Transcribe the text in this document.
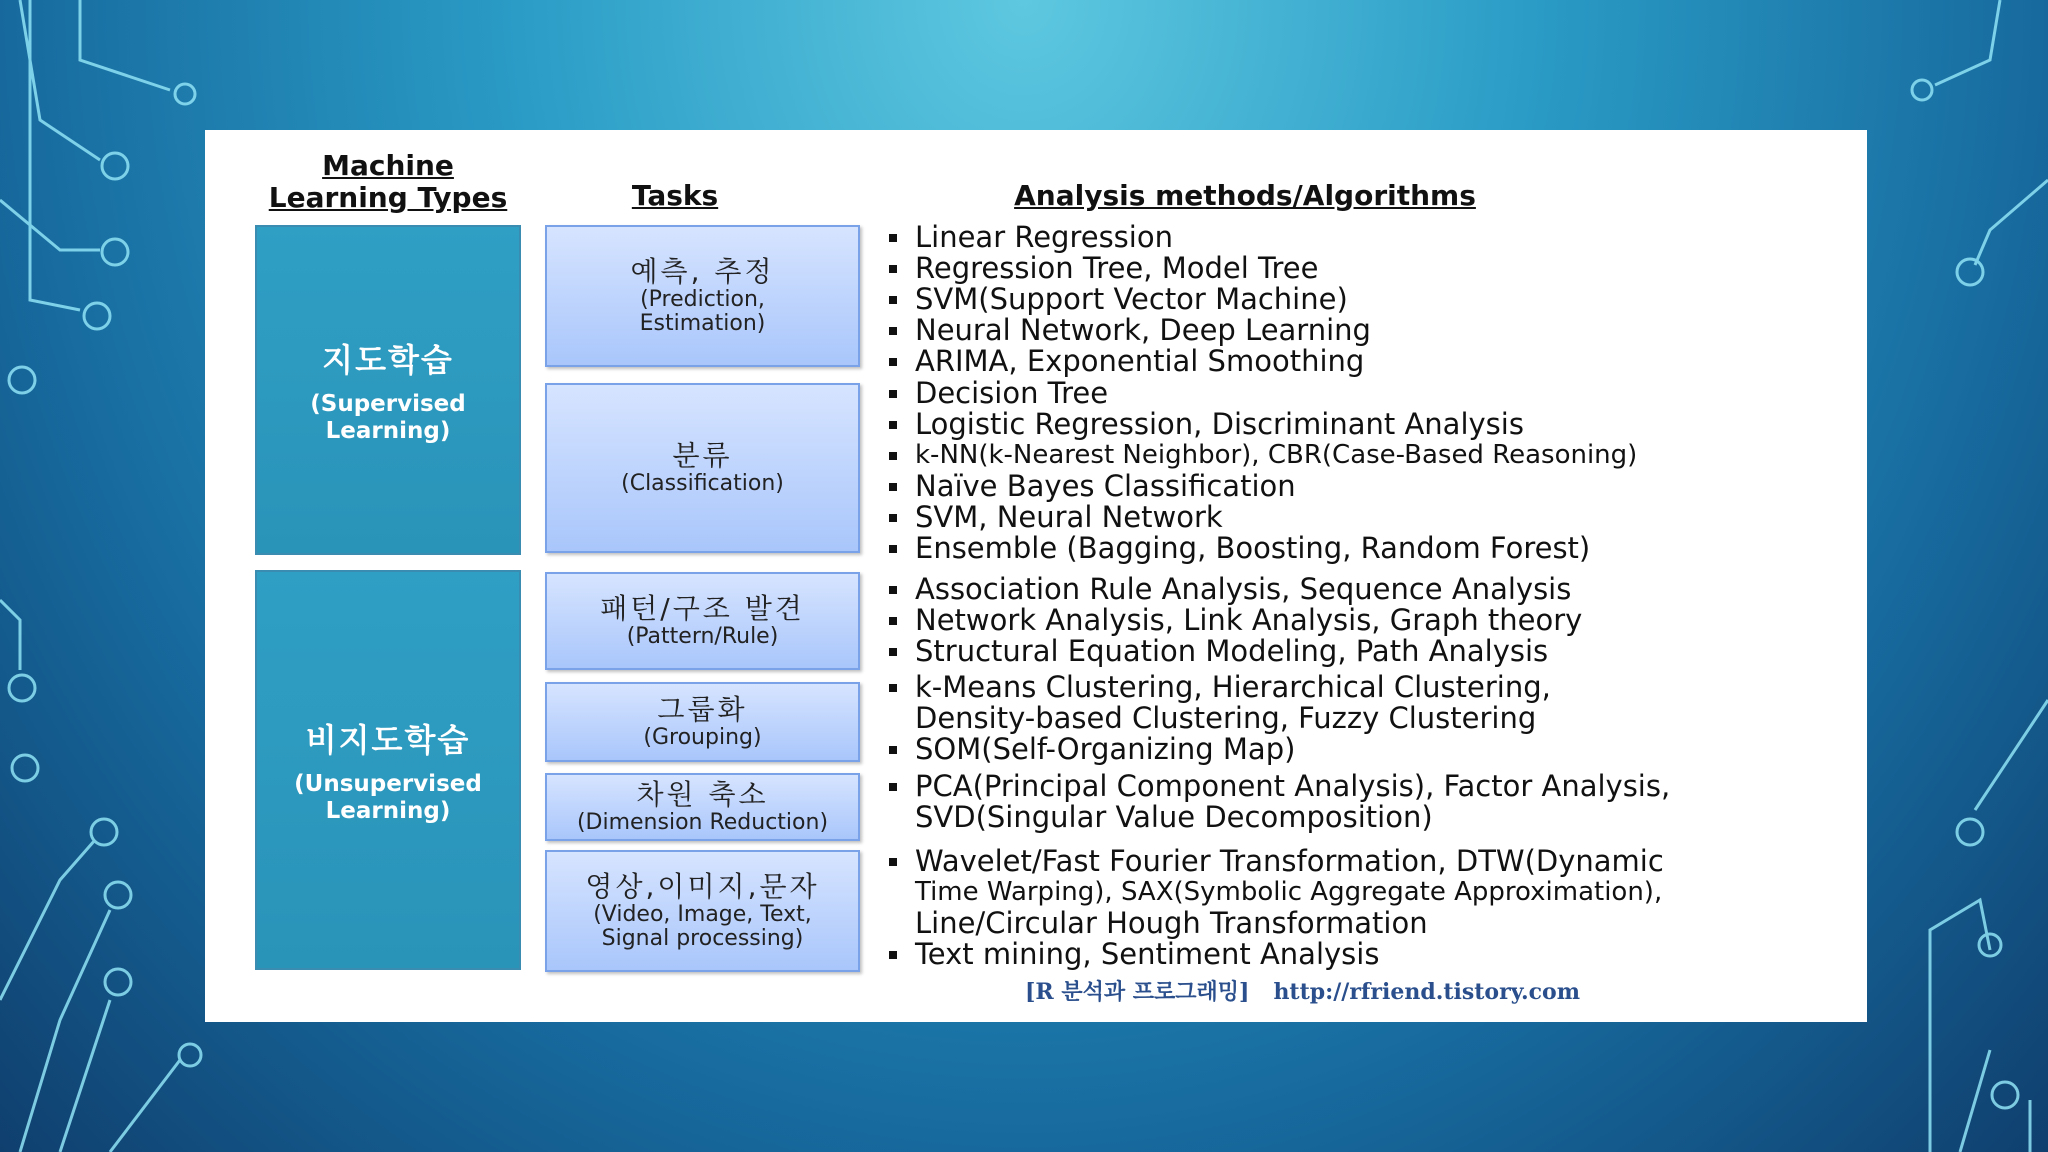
Machine
Learning Types	Tasks	Analysis methods/Algorithms
지도학습
(Supervised
Learning)
비지도학습
(Unsupervised
Learning)
예측, 추정
(Prediction,
Estimation)
분류
(Classification)
패턴/구조 발견
(Pattern/Rule)
그룹화
(Grouping)
차원 축소
(Dimension Reduction)
영상,이미지,문자
(Video, Image, Text,
Signal processing)
Linear Regression
Regression Tree, Model Tree
SVM(Support Vector Machine)
Neural Network, Deep Learning
ARIMA, Exponential Smoothing
Decision Tree
Logistic Regression, Discriminant Analysis
k-NN(k-Nearest Neighbor), CBR(Case-Based Reasoning)
Naïve Bayes Classification
SVM, Neural Network
Ensemble (Bagging, Boosting, Random Forest)
Association Rule Analysis, Sequence Analysis
Network Analysis, Link Analysis, Graph theory
Structural Equation Modeling, Path Analysis
k-Means Clustering, Hierarchical Clustering,
Density-based Clustering, Fuzzy Clustering
SOM(Self-Organizing Map)
PCA(Principal Component Analysis), Factor Analysis,
SVD(Singular Value Decomposition)
Wavelet/Fast Fourier Transformation, DTW(Dynamic
Time Warping), SAX(Symbolic Aggregate Approximation),
Line/Circular Hough Transformation
Text mining, Sentiment Analysis
[R 분석과 프로그래밍] http://rfriend.tistory.com
